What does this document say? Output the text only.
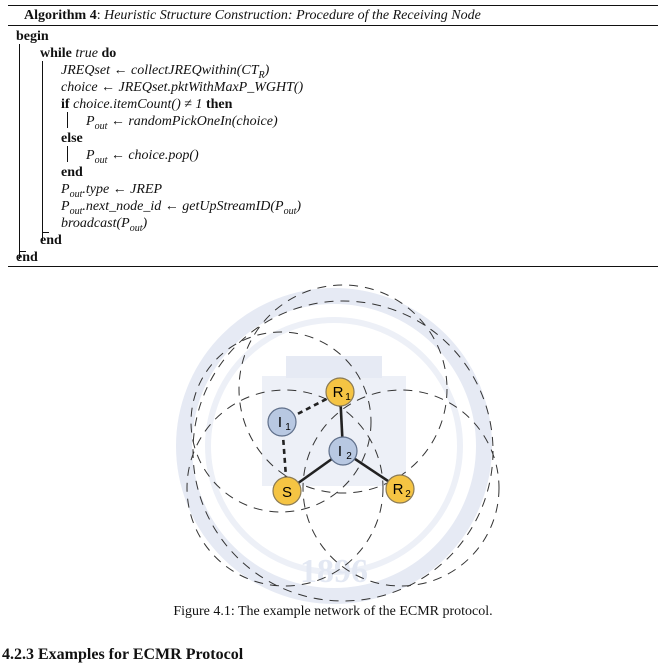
Algorithm 4: Heuristic Structure Construction: Procedure of the Receiving Node
begin
while true do
JREQset ← $collectJREQwithin(CT_R)$
choice ← JREQset.pktWithMaxP_WGHT()
if choice.itemCount() ≠ 1 then
$P_{out}$ ← randomPickOneIn(choice)
else
$P_{out}$ ← choice.pop()
end
$P_{out}.type$ ← JREP
$P_{out}.next\_node\_id$ ← $getUpStreamID(P_{out})$
$broadcast(P_{out})$
end
end
1896
R 1
I 1
I 2
S	R 2
Figure 4.1: The example network of the ECMR protocol.
4.2.3 Examples for ECMR Protocol
